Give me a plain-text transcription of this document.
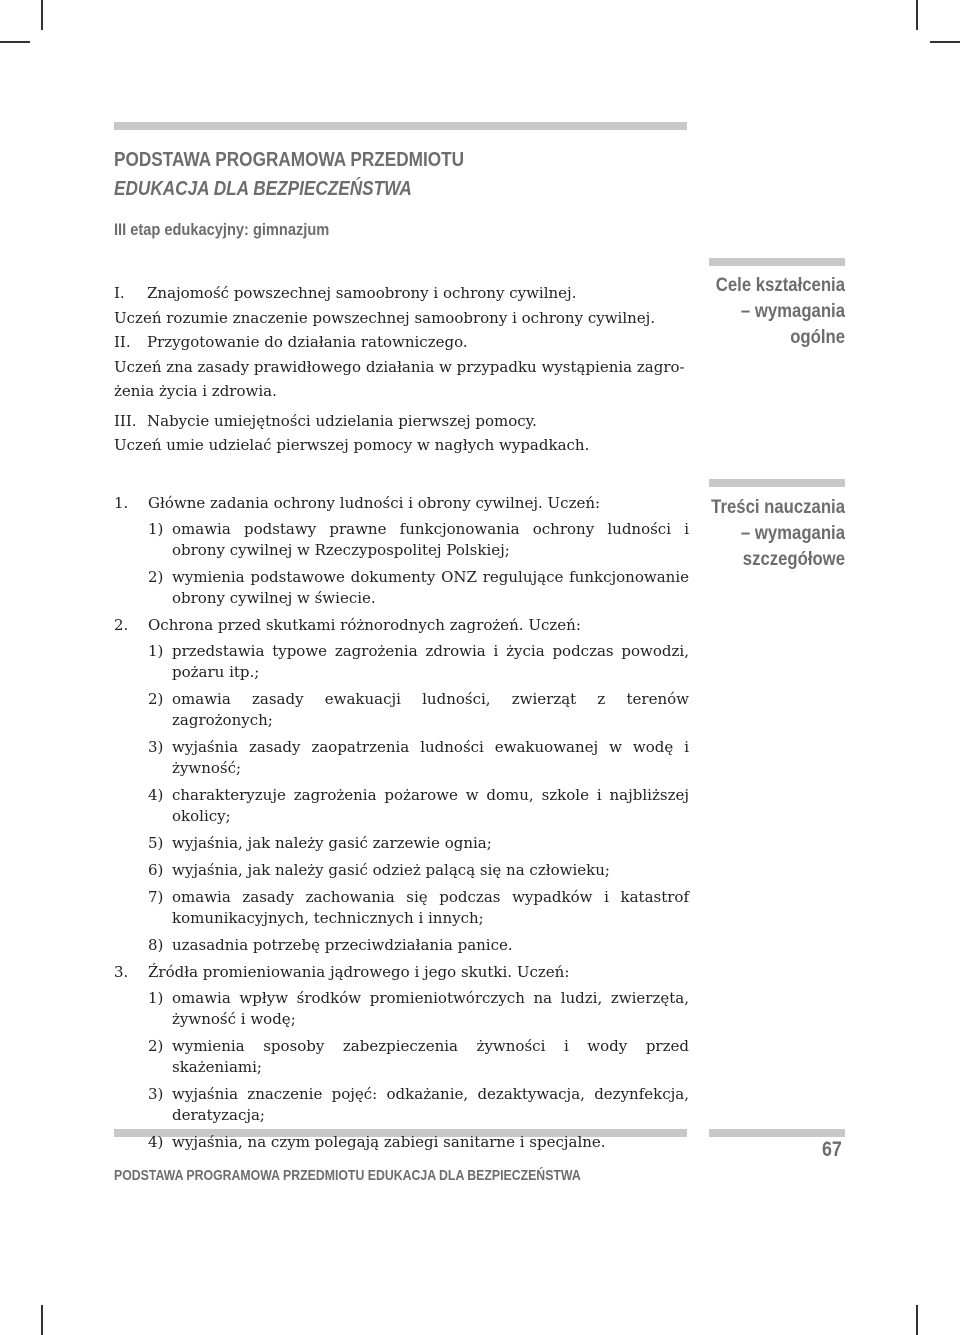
PODSTAWA PROGRAMOWA PRZEDMIOTU
EDUKACJA DLA BEZPIECZEŃSTWA
III etap edukacyjny: gimnazjum
I. Znajomość powszechnej samoobrony i ochrony cywilnej.
Uczeń rozumie znaczenie powszechnej samoobrony i ochrony cywilnej.
II. Przygotowanie do działania ratowniczego.
Uczeń zna zasady prawidłowego działania w przypadku wystąpienia zagro-
żenia życia i zdrowia.
III. Nabycie umiejętności udzielania pierwszej pomocy.
Uczeń umie udzielać pierwszej pomocy w nagłych wypadkach.
Cele kształcenia
– wymagania
ogólne
Treści nauczania
– wymagania
szczegółowe
1.	Główne zadania ochrony ludności i obrony cywilnej. Uczeń:
1) omawia podstawy prawne funkcjonowania ochrony ludności i obrony cywilnej w Rzeczypospolitej Polskiej;
2) wymienia podstawowe dokumenty ONZ regulujące funkcjonowanie obrony cywilnej w świecie.
2.	Ochrona przed skutkami różnorodnych zagrożeń. Uczeń:
1) przedstawia typowe zagrożenia zdrowia i życia podczas powodzi, pożaru itp.;
2) omawia zasady ewakuacji ludności, zwierząt z terenów zagrożonych;
3) wyjaśnia zasady zaopatrzenia ludności ewakuowanej w wodę i żywność;
4) charakteryzuje zagrożenia pożarowe w domu, szkole i najbliższej okolicy;
5) wyjaśnia, jak należy gasić zarzewie ognia;
6) wyjaśnia, jak należy gasić odzież palącą się na człowieku;
7) omawia zasady zachowania się podczas wypadków i katastrof komunikacyjnych, technicznych i innych;
8) uzasadnia potrzebę przeciwdziałania panice.
3.	Źródła promieniowania jądrowego i jego skutki. Uczeń:
1) omawia wpływ środków promieniotwórczych na ludzi, zwierzęta, żywność i wodę;
2) wymienia sposoby zabezpieczenia żywności i wody przed skażeniami;
3) wyjaśnia znaczenie pojęć: odkażanie, dezaktywacja, dezynfekcja, deratyzacja;
4) wyjaśnia, na czym polegają zabiegi sanitarne i specjalne.
PODSTAWA PROGRAMOWA PRZEDMIOTU EDUKACJA DLA BEZPIECZEŃSTWA
67
